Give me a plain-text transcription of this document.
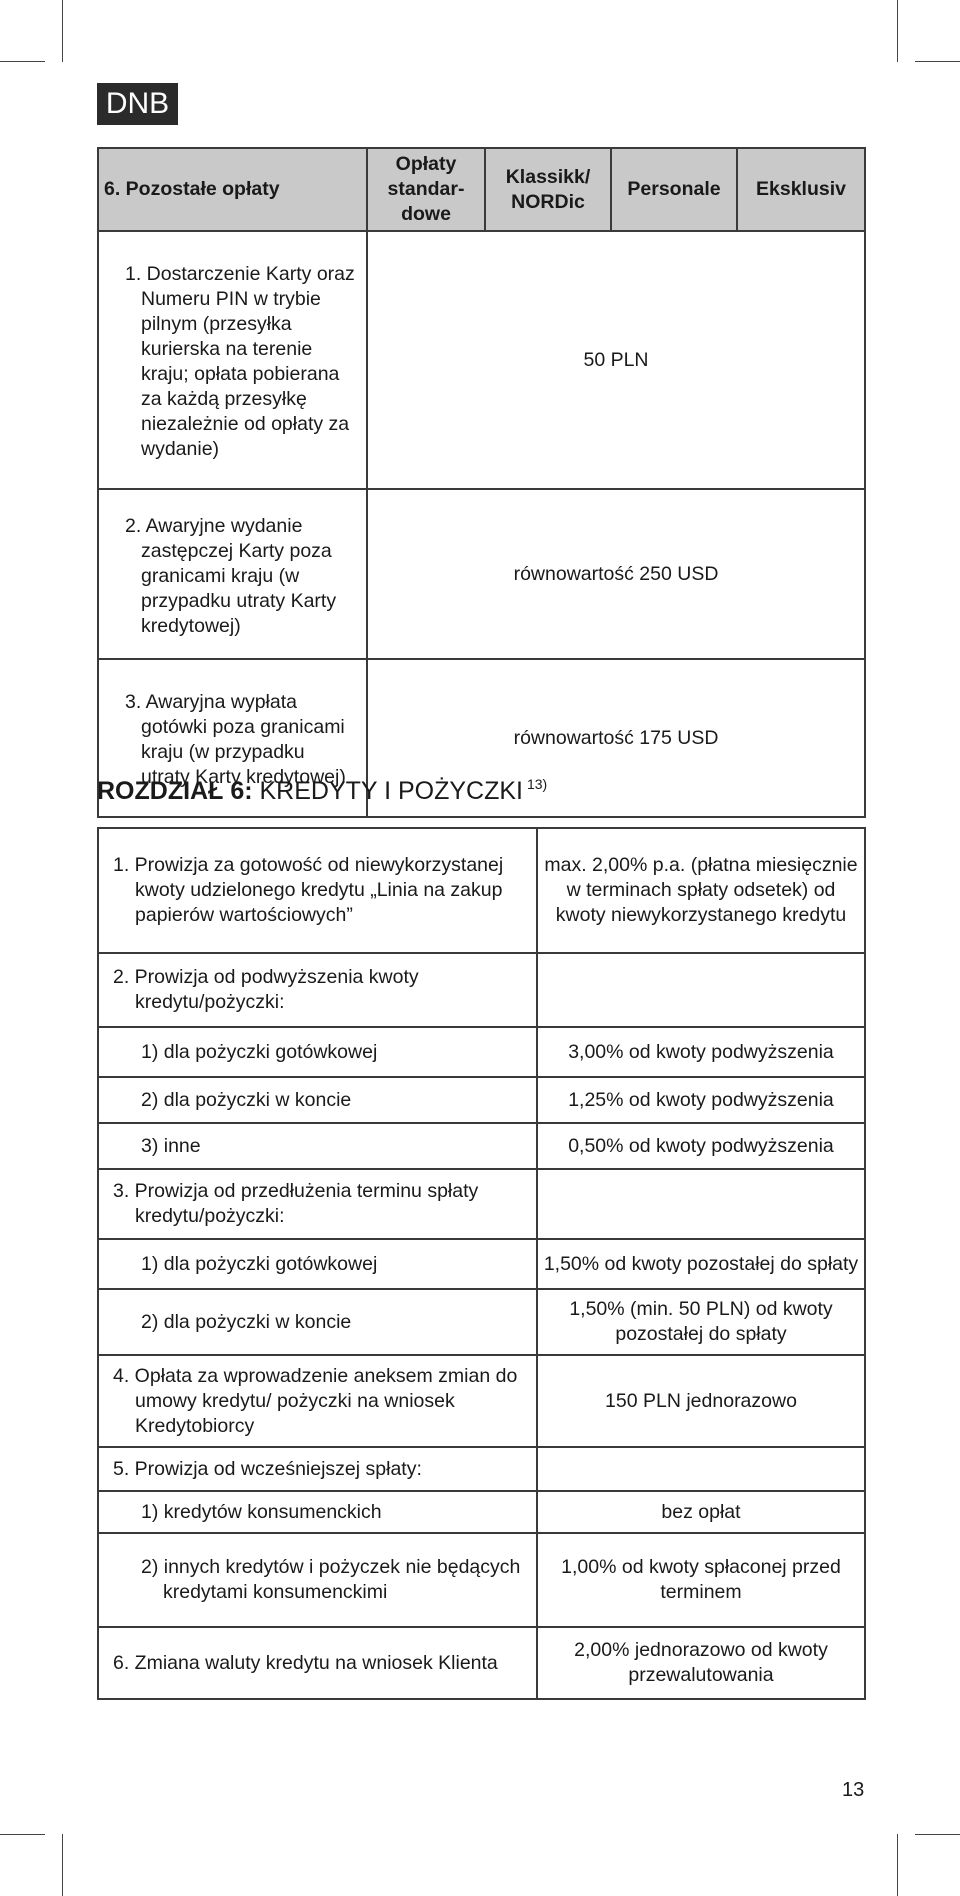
DNB
6. Pozostałe opłaty	Opłaty standar-dowe	Klassikk/ NORDic	Personale	Eksklusiv
1. Dostarczenie Karty oraz Numeru PIN w trybie pilnym (przesyłka kurierska na terenie kraju; opłata pobierana za każdą przesyłkę niezależnie od opłaty za wydanie)	50 PLN			
2. Awaryjne wydanie zastępczej Karty poza granicami kraju (w przypadku utraty Karty kredytowej)	równowartość 250 USD			
3. Awaryjna wypłata gotówki poza granicami kraju (w przypadku utraty Karty kredytowej)	równowartość 175 USD			
ROZDZIAŁ 6: KREDYTY I POŻYCZKI $^{13)}$
1. Prowizja za gotowość od niewykorzystanej kwoty udzielonego kredytu „Linia na zakup papierów wartościowych”	max. 2,00% p.a. (płatna miesięcznie w terminach spłaty odsetek) od kwoty niewykorzystanego kredytu

2. Prowizja od podwyższenia kwoty kredytu/pożyczki:	

1) dla pożyczki gotówkowej	3,00% od kwoty podwyższenia
2) dla pożyczki w koncie	1,25% od kwoty podwyższenia
3) inne	0,50% od kwoty podwyższenia

3. Prowizja od przedłużenia terminu spłaty kredytu/pożyczki:	

1) dla pożyczki gotówkowej	1,50% od kwoty pozostałej do spłaty
2) dla pożyczki w koncie	1,50% (min. 50 PLN) od kwoty pozostałej do spłaty

4. Opłata za wprowadzenie aneksem zmian do umowy kredytu/ pożyczki na wniosek Kredytobiorcy	150 PLN jednorazowo

5. Prowizja od wcześniejszej spłaty:	

1) kredytów konsumenckich	bez opłat

2) innych kredytów i pożyczek nie będących kredytami konsumenckimi	1,00% od kwoty spłaconej przed terminem

6. Zmiana waluty kredytu na wniosek Klienta	2,00% jednorazowo od kwoty przewalutowania
13
